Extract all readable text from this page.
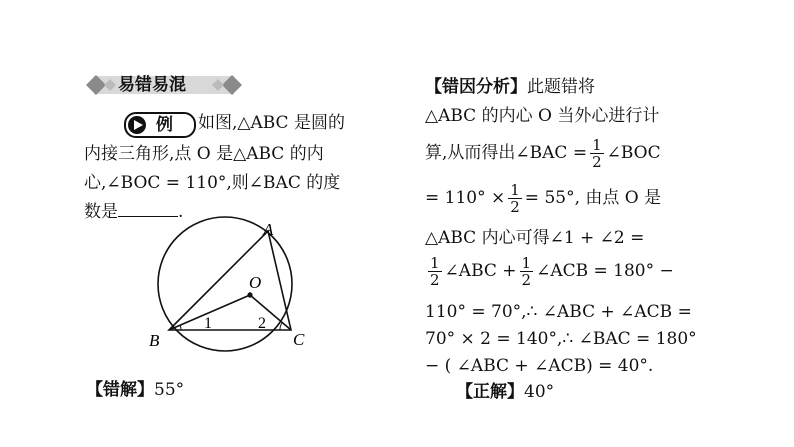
易错易混
例 如图,△ABC 是圆的
内接三角形,点 O 是△ABC 的内
心,∠BOC = 110°,则∠BAC 的度
数是	.
A
B	C
O
1	2
【错解】55°
【错因分析】此题错将
△ABC 的内心 O 当外心进行计
算,从而得出∠BAC = $\frac{1}{2}$ ∠BOC
= $110^\circ \times \frac{1}{2} = 55^\circ$, 由点 O 是
△ABC 内心可得∠1 + ∠2 =
$\frac{1}{2}$ ∠ABC + $\frac{1}{2}$ ∠ACB = 180° −
110° = 70°,∴ ∠ABC + ∠ACB =
70° × 2 = 140°,∴ ∠BAC = 180°
− ( ∠ABC + ∠ACB) = 40°.
【正解】40°
